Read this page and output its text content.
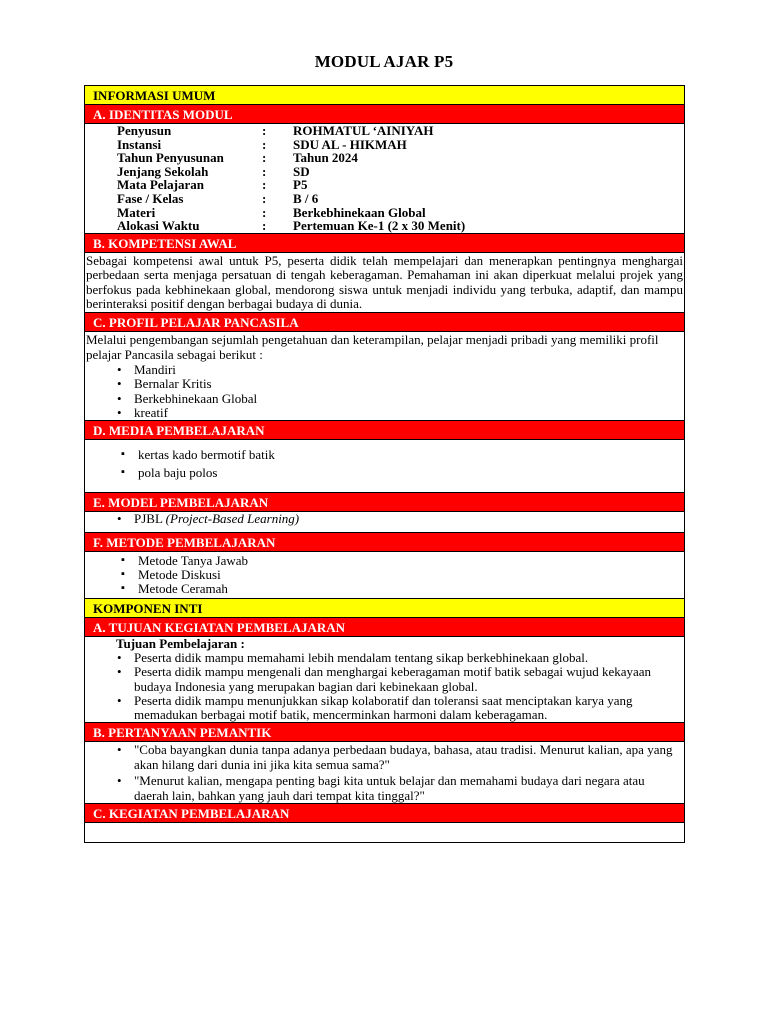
MODUL AJAR P5
INFORMASI UMUM
A. IDENTITAS MODUL
Penyusun	:	ROHMATUL ‘AINIYAH
Instansi	:	SDU AL - HIKMAH
Tahun Penyusunan	:	Tahun 2024
Jenjang Sekolah	:	SD
Mata Pelajaran	:	P5
Fase / Kelas	:	B / 6
Materi	:	Berkebhinekaan Global
Alokasi Waktu	:	Pertemuan Ke-1 (2 x 30 Menit)
B. KOMPETENSI AWAL
Sebagai kompetensi awal untuk P5, peserta didik telah mempelajari dan menerapkan pentingnya menghargai perbedaan serta menjaga persatuan di tengah keberagaman. Pemahaman ini akan diperkuat melalui projek yang berfokus pada kebhinekaan global, mendorong siswa untuk menjadi individu yang terbuka, adaptif, dan mampu berinteraksi positif dengan berbagai budaya di dunia.
C. PROFIL PELAJAR PANCASILA
Melalui pengembangan sejumlah pengetahuan dan keterampilan, pelajar menjadi pribadi yang memiliki profil pelajar Pancasila sebagai berikut :
• Mandiri
• Bernalar Kritis
• Berkebhinekaan Global
• kreatif
D. MEDIA PEMBELAJARAN
▪ kertas kado bermotif batik
▪ pola baju polos
E. MODEL PEMBELAJARAN
• PJBL (Project-Based Learning)
F. METODE PEMBELAJARAN
▪ Metode Tanya Jawab
▪ Metode Diskusi
▪ Metode Ceramah
KOMPONEN INTI
A. TUJUAN KEGIATAN PEMBELAJARAN
Tujuan Pembelajaran :
• Peserta didik mampu memahami lebih mendalam tentang sikap berkebhinekaan global.
• Peserta didik mampu mengenali dan menghargai keberagaman motif batik sebagai wujud kekayaan budaya Indonesia yang merupakan bagian dari kebinekaan global.
• Peserta didik mampu menunjukkan sikap kolaboratif dan toleransi saat menciptakan karya yang memadukan berbagai motif batik, mencerminkan harmoni dalam keberagaman.
B. PERTANYAAN PEMANTIK
• "Coba bayangkan dunia tanpa adanya perbedaan budaya, bahasa, atau tradisi. Menurut kalian, apa yang akan hilang dari dunia ini jika kita semua sama?"
• "Menurut kalian, mengapa penting bagi kita untuk belajar dan memahami budaya dari negara atau daerah lain, bahkan yang jauh dari tempat kita tinggal?"
C. KEGIATAN PEMBELAJARAN
